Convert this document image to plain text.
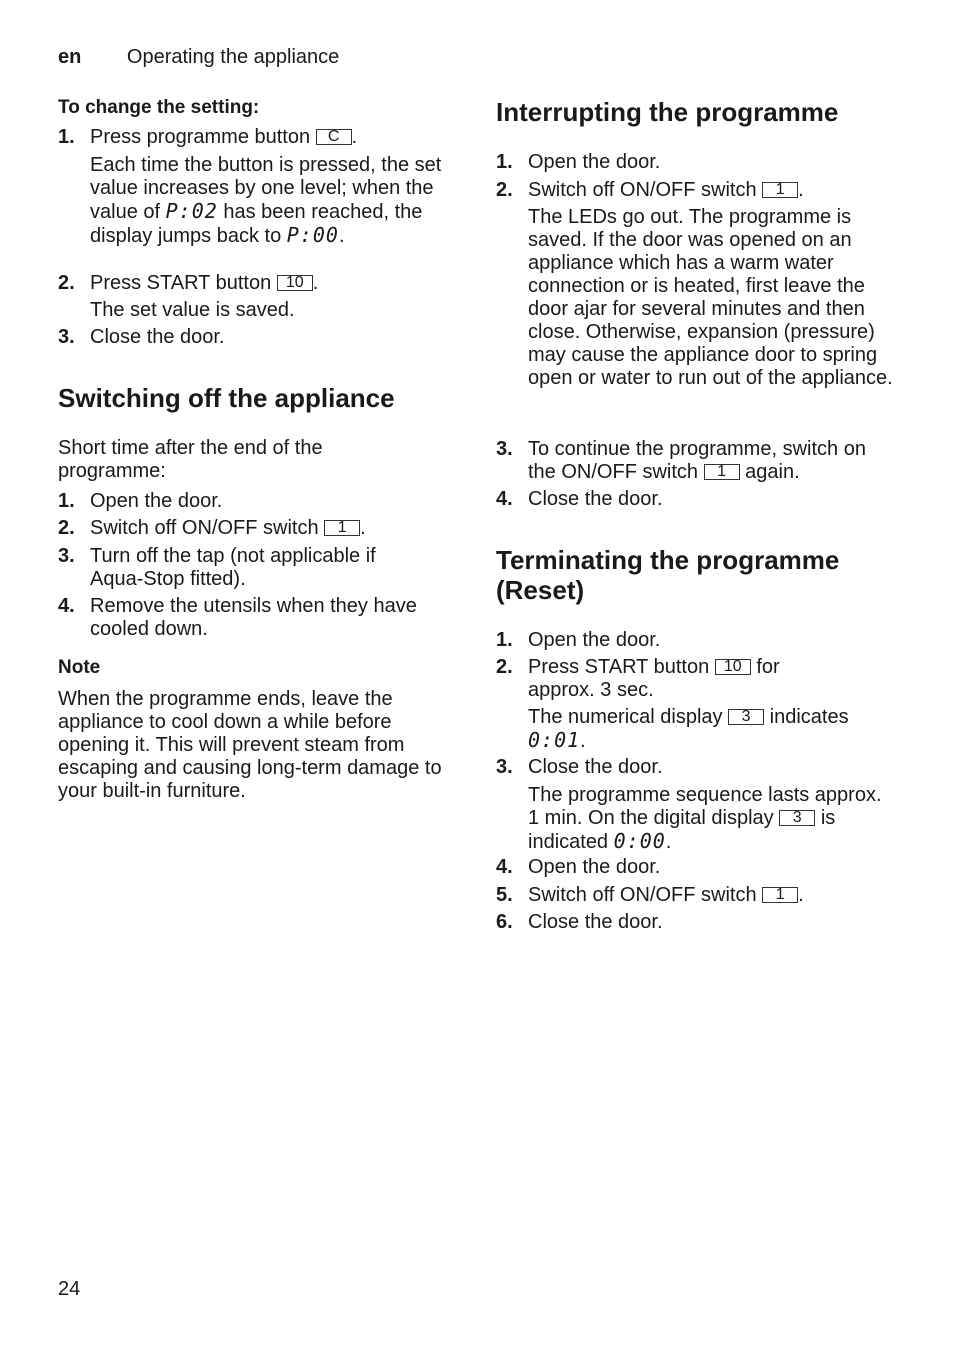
en Operating the appliance
To change the setting:
1. Press programme button C .
Each time the button is pressed, the set value increases by one level; when the value of P:02 has been reached, the display jumps back to P:00.
2. Press START button 10 .
The set value is saved.
3. Close the door.
Switching off the appliance
Short time after the end of the programme:
1. Open the door.
2. Switch off ON/OFF switch 1 .
3. Turn off the tap (not applicable if Aqua-Stop fitted).
4. Remove the utensils when they have cooled down.
Note
When the programme ends, leave the appliance to cool down a while before opening it. This will prevent steam from escaping and causing long-term damage to your built-in furniture.
Interrupting the programme
1. Open the door.
2. Switch off ON/OFF switch 1 .
The LEDs go out. The programme is saved. If the door was opened on an appliance which has a warm water connection or is heated, first leave the door ajar for several minutes and then close. Otherwise, expansion (pressure) may cause the appliance door to spring open or water to run out of the appliance.
3. To continue the programme, switch on the ON/OFF switch 1 again.
4. Close the door.
Terminating the programme (Reset)
1. Open the door.
2. Press START button 10 for approx. 3 sec.
The numerical display 3 indicates 0:01.
3. Close the door.
The programme sequence lasts approx. 1 min. On the digital display 3 is indicated 0:00.
4. Open the door.
5. Switch off ON/OFF switch 1 .
6. Close the door.
24
